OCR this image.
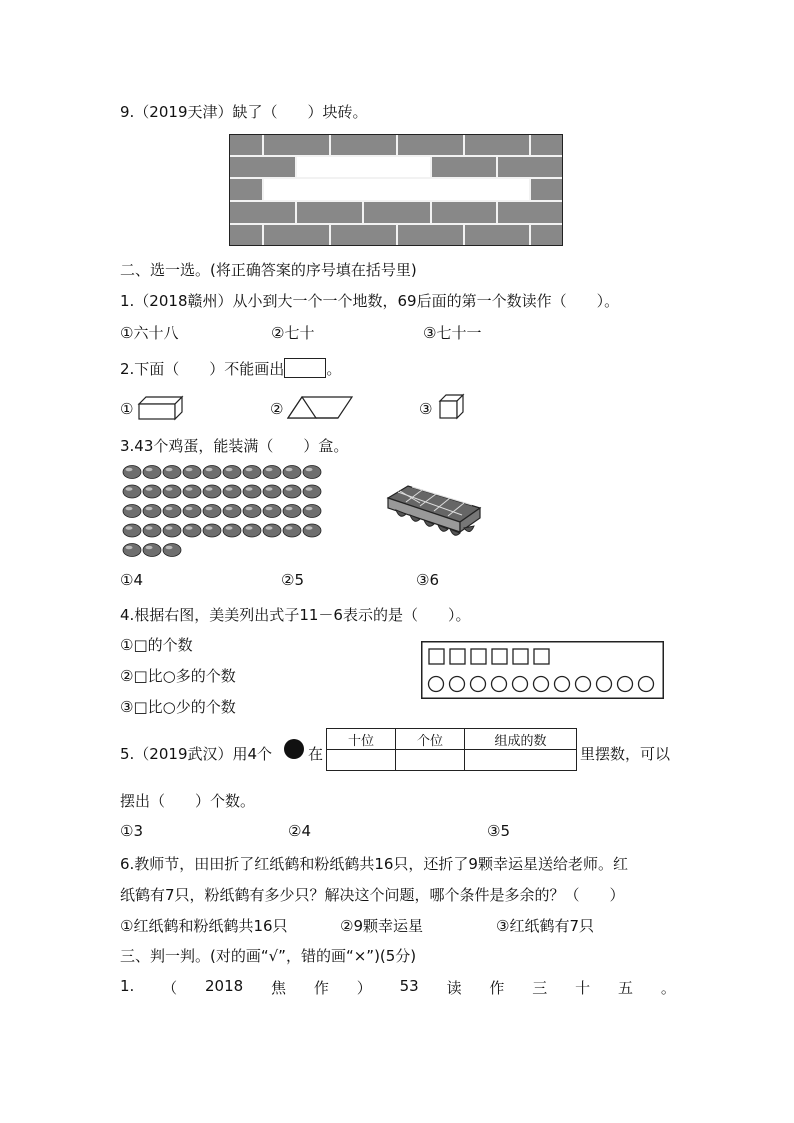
9.（2019天津）缺了（　　）块砖。
二、选一选。(将正确答案的序号填在括号里)
1.（2018赣州）从小到大一个一个地数，69后面的第一个数读作（　　）。
①六十八	②七十	③七十一
2.下面（　　）不能画出	。
①	②	③
3.43个鸡蛋，能装满（　　）盒。
①4	②5	③6
4.根据右图，美美列出式子11－6表示的是（　　）。
①□的个数
②□比○多的个数
③□比○少的个数
5.（2019武汉）用4个 在
十位	个位	组成的数

里摆数，可以
摆出（　　）个数。
①3	②4	③5
6.教师节，田田折了红纸鹤和粉纸鹤共16只，还折了9颗幸运星送给老师。红
纸鹤有7只，粉纸鹤有多少只？解决这个问题，哪个条件是多余的？（　　）
①红纸鹤和粉纸鹤共16只	②9颗幸运星	③红纸鹤有7只
三、判一判。(对的画“√”，错的画“×”)(5分)
1. （ 2018 焦 作 ） 53 读 作 三 十 五 。
